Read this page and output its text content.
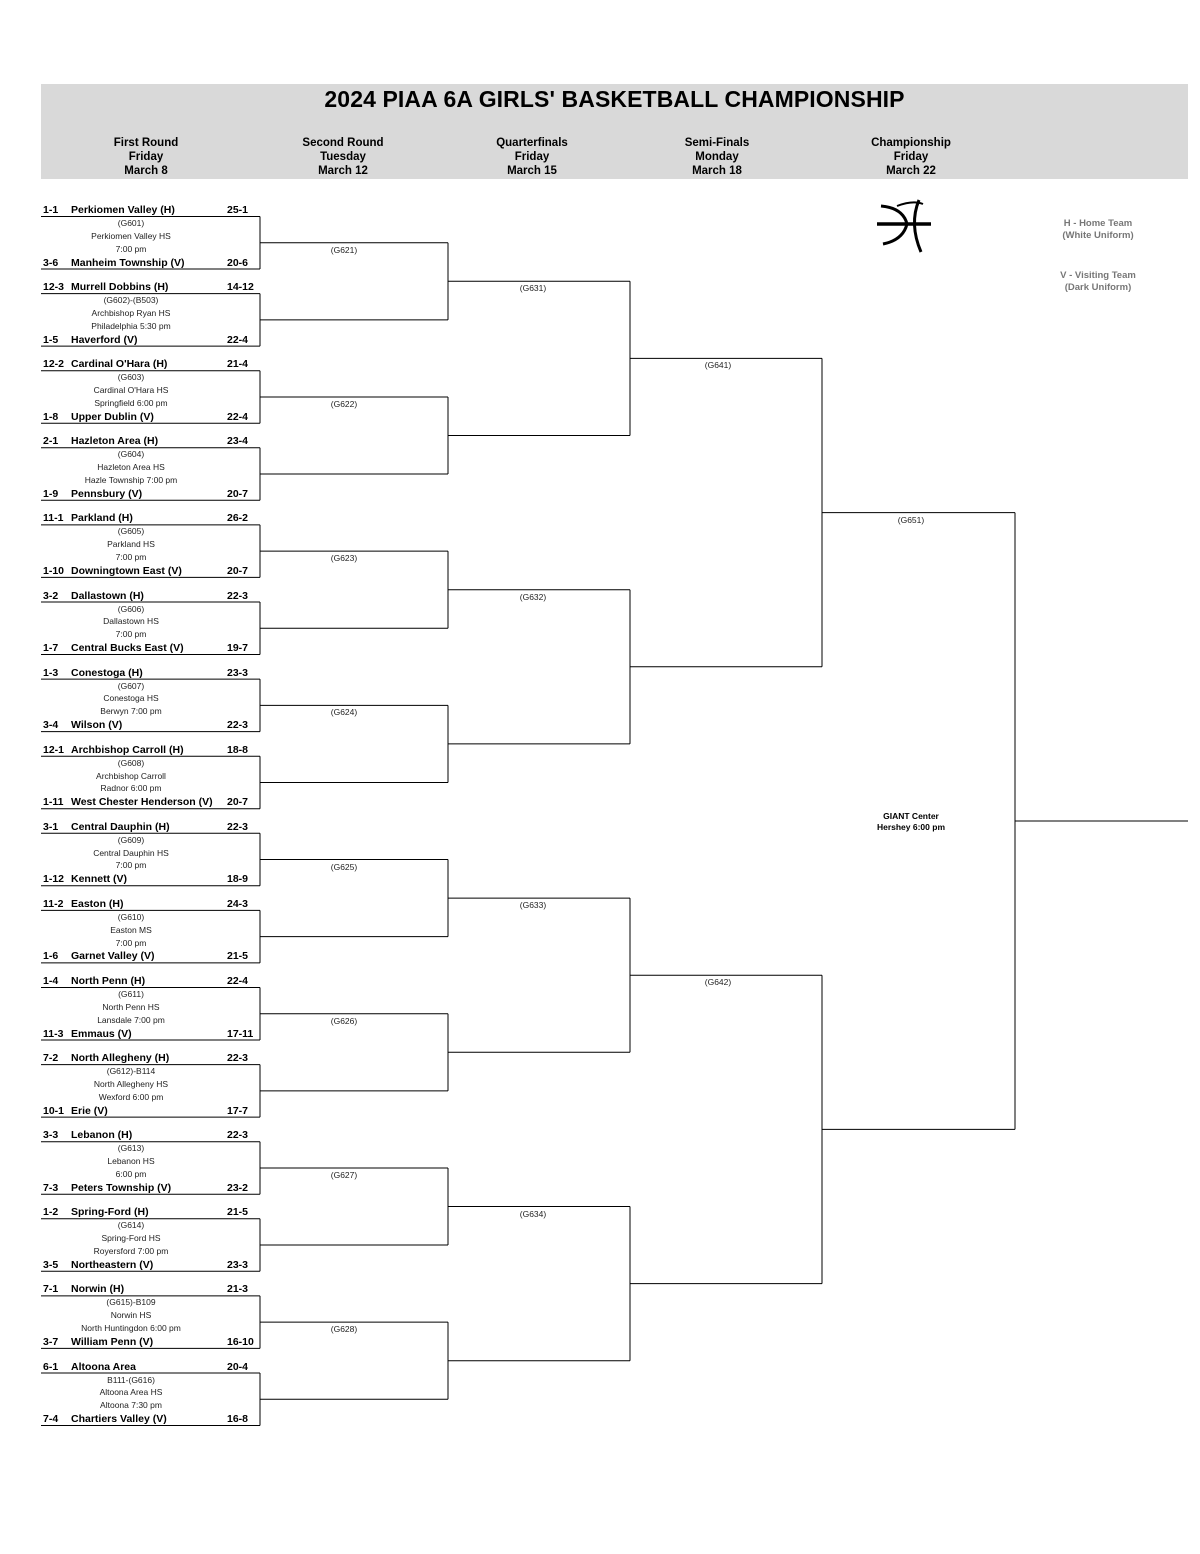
2024 PIAA 6A GIRLS' BASKETBALL CHAMPIONSHIP
First Round
Friday
March 8
Second Round
Tuesday
March 12
Quarterfinals
Friday
March 15
Semi-Finals
Monday
March 18
Championship
Friday
March 22
H - Home Team
(White Uniform)
V - Visiting Team
(Dark Uniform)
1-1 Perkiomen Valley (H)	25-1
(G601)
Perkiomen Valley HS
7:00 pm
3-6 Manheim Township (V)	20-6
12-3 Murrell Dobbins (H)	14-12
(G602)-(B503)
Archbishop Ryan HS
Philadelphia 5:30 pm
1-5 Haverford (V)	22-4
12-2 Cardinal O'Hara (H)	21-4
(G603)
Cardinal O'Hara HS
Springfield 6:00 pm
1-8 Upper Dublin (V)	22-4
2-1 Hazleton Area (H)	23-4
(G604)
Hazleton Area HS
Hazle Township 7:00 pm
1-9 Pennsbury (V)	20-7
11-1 Parkland (H)	26-2
(G605)
Parkland HS
7:00 pm
1-10 Downingtown East (V)	20-7
3-2 Dallastown (H)	22-3
(G606)
Dallastown HS
7:00 pm
1-7 Central Bucks East (V)	19-7
1-3 Conestoga (H)	23-3
(G607)
Conestoga HS
Berwyn 7:00 pm
3-4 Wilson (V)	22-3
12-1 Archbishop Carroll (H)	18-8
(G608)
Archbishop Carroll
Radnor 6:00 pm
1-11 West Chester Henderson (V) 20-7
3-1 Central Dauphin (H)	22-3
(G609)
Central Dauphin HS
7:00 pm
1-12 Kennett (V)	18-9
11-2 Easton (H)	24-3
(G610)
Easton MS
7:00 pm
1-6 Garnet Valley (V)	21-5
1-4 North Penn (H)	22-4
(G611)
North Penn HS
Lansdale 7:00 pm
11-3 Emmaus (V)	17-11
7-2 North Allegheny (H)	22-3
(G612)-B114
North Allegheny HS
Wexford 6:00 pm
10-1 Erie (V)	17-7
3-3 Lebanon (H)	22-3
(G613)
Lebanon HS
6:00 pm
7-3 Peters Township (V)	23-2
1-2 Spring-Ford (H)	21-5
(G614)
Spring-Ford HS
Royersford 7:00 pm
3-5 Northeastern (V)	23-3
7-1 Norwin (H)	21-3
(G615)-B109
Norwin HS
North Huntingdon 6:00 pm
3-7 William Penn (V)	16-10
6-1 Altoona Area	20-4
B111-(G616)
Altoona Area HS
Altoona 7:30 pm
7-4 Chartiers Valley (V)	16-8
(G621)
(G622)
(G623)
(G624)
(G625)
(G626)
(G627)
(G628)
(G631)
(G632)
(G633)
(G634)
(G641)
(G642)
(G651)
GIANT Center
Hershey 6:00 pm
